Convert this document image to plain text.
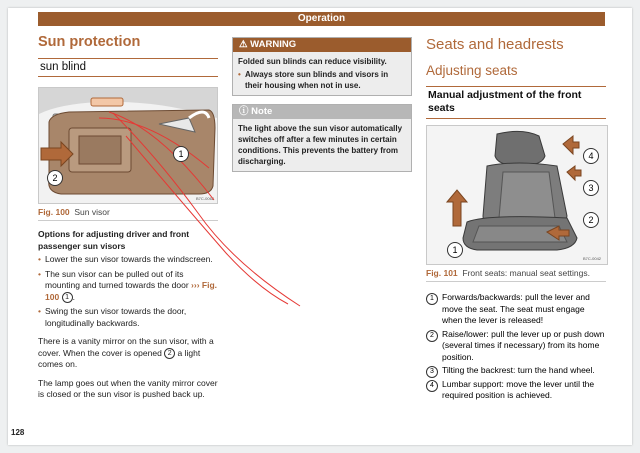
Operation
Sun protection
sun blind
B7C-0062
1
2
Fig. 100 Sun visor

Options for adjusting driver and front passenger sun visors

• Lower the sun visor towards the windscreen.
• The sun visor can be pulled out of its mounting and turned towards the door ››› Fig. 100 1 .
• Swing the sun visor towards the door, longitudinally backwards.

There is a vanity mirror on the sun visor, with a cover. When the cover is opened 2 a light comes on.

The lamp goes out when the vanity mirror cover is closed or the sun visor is pushed back up.

⚠ WARNING

Folded sun blinds can reduce visibility.

• Always store sun blinds and visors in their housing when not in use.

ⓘ Note
The light above the sun visor automatically switches off after a few minutes in certain conditions. This prevents the battery from discharging.
Seats and headrests
Adjusting seats
Manual adjustment of the front seats
B7C-0042
4
3
2
1
Fig. 101 Front seats: manual seat settings.
1 Forwards/backwards: pull the lever and move the seat. The seat must engage when the lever is released!
2 Raise/lower: pull the lever up or push down (several times if necessary) from its home position.
3 Tilting the backrest: turn the hand wheel.
4 Lumbar support: move the lever until the required position is achieved.
128
